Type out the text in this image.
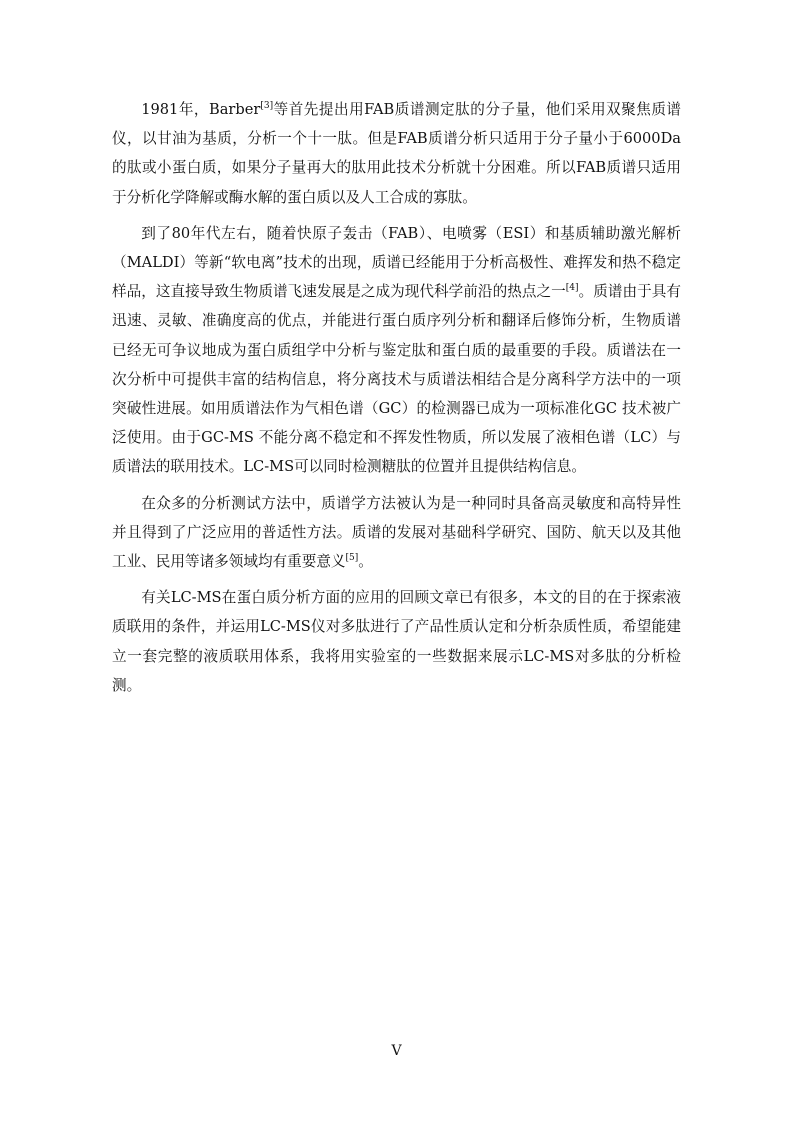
1981年，Barber[3]等首先提出用FAB质谱测定肽的分子量，他们采用双聚焦质谱仪，以甘油为基质，分析一个十一肽。但是FAB质谱分析只适用于分子量小于6000Da的肽或小蛋白质，如果分子量再大的肽用此技术分析就十分困难。所以FAB质谱只适用于分析化学降解或酶水解的蛋白质以及人工合成的寡肽。

到了80年代左右，随着快原子轰击（FAB）、电喷雾（ESI）和基质辅助激光解析（MALDI）等新“软电离”技术的出现，质谱已经能用于分析高极性、难挥发和热不稳定样品，这直接导致生物质谱飞速发展是之成为现代科学前沿的热点之一[4]。质谱由于具有迅速、灵敏、准确度高的优点，并能进行蛋白质序列分析和翻译后修饰分析，生物质谱已经无可争议地成为蛋白质组学中分析与鉴定肽和蛋白质的最重要的手段。质谱法在一次分析中可提供丰富的结构信息，将分离技术与质谱法相结合是分离科学方法中的一项突破性进展。如用质谱法作为气相色谱（GC）的检测器已成为一项标准化GC 技术被广泛使用。由于GC-MS 不能分离不稳定和不挥发性物质，所以发展了液相色谱（LC）与质谱法的联用技术。LC-MS可以同时检测糖肽的位置并且提供结构信息。

在众多的分析测试方法中，质谱学方法被认为是一种同时具备高灵敏度和高特异性并且得到了广泛应用的普适性方法。质谱的发展对基础科学研究、国防、航天以及其他工业、民用等诸多领域均有重要意义[5]。

有关LC-MS在蛋白质分析方面的应用的回顾文章已有很多，本文的目的在于探索液质联用的条件，并运用LC-MS仪对多肽进行了产品性质认定和分析杂质性质，希望能建立一套完整的液质联用体系，我将用实验室的一些数据来展示LC-MS对多肽的分析检测。

V
